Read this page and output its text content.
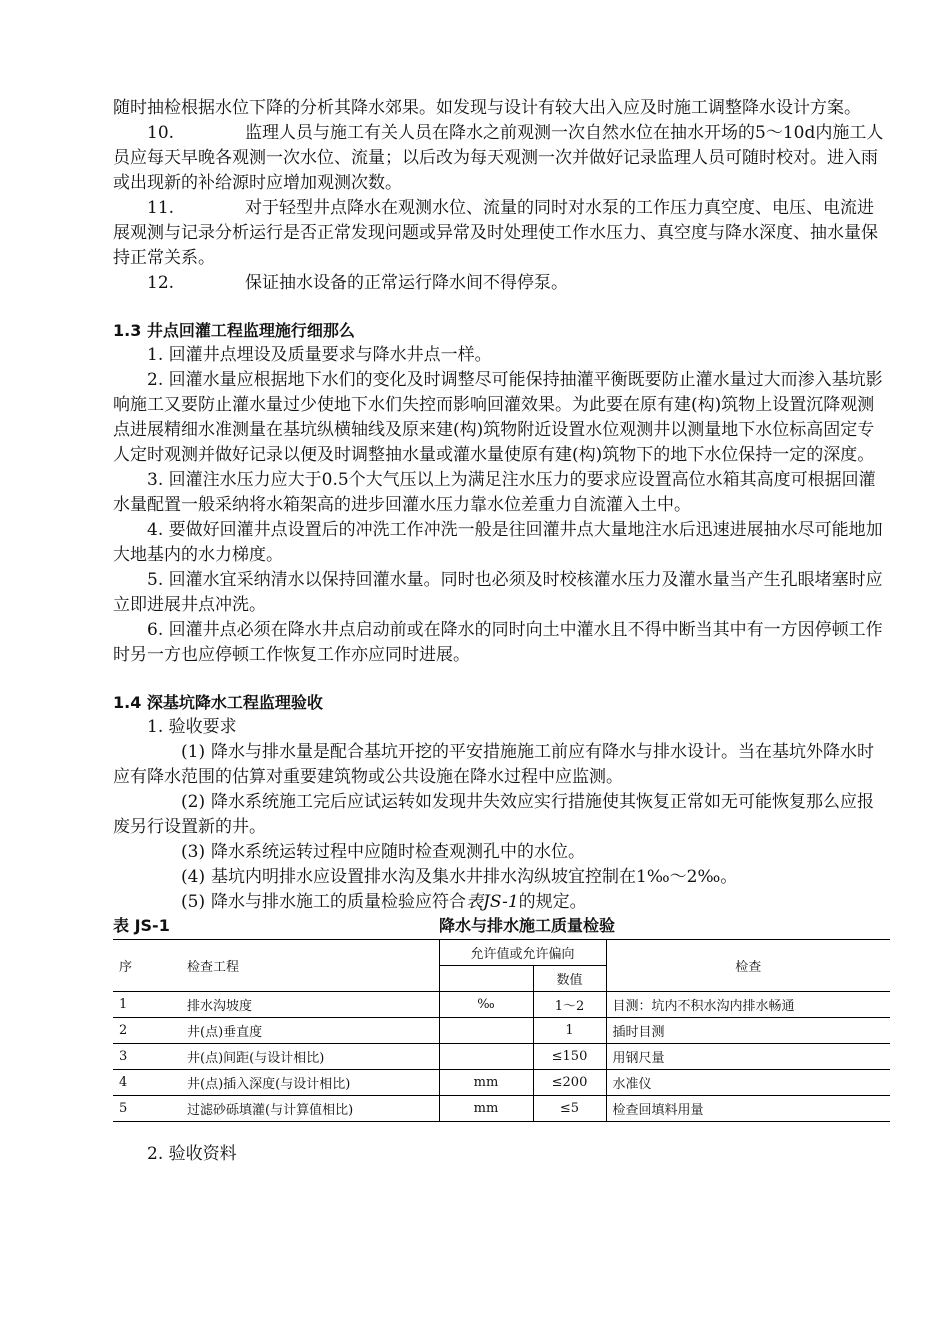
随时抽检根据水位下降的分析其降水郊果。如发现与设计有较大出入应及时施工调整降水设计方案。

10.	监理人员与施工有关人员在降水之前观测一次自然水位在抽水开场的5～10d内施工人员应每天早晚各观测一次水位、流量；以后改为每天观测一次并做好记录监理人员可随时校对。进入雨或出现新的补给源时应增加观测次数。

11.	对于轻型井点降水在观测水位、流量的同时对水泵的工作压力真空度、电压、电流进展观测与记录分析运行是否正常发现问题或异常及时处理使工作水压力、真空度与降水深度、抽水量保持正常关系。

12.	保证抽水设备的正常运行降水间不得停泵。

1.3 井点回灌工程监理施行细那么

1. 回灌井点埋设及质量要求与降水井点一样。

2. 回灌水量应根据地下水们的变化及时调整尽可能保持抽灌平衡既要防止灌水量过大而渗入基坑影响施工又要防止灌水量过少使地下水们失控而影响回灌效果。为此要在原有建(构)筑物上设置沉降观测点进展精细水准测量在基坑纵横轴线及原来建(构)筑物附近设置水位观测井以测量地下水位标高固定专人定时观测并做好记录以便及时调整抽水量或灌水量使原有建(构)筑物下的地下水位保持一定的深度。

3. 回灌注水压力应大于0.5个大气压以上为满足注水压力的要求应设置高位水箱其高度可根据回灌水量配置一般采纳将水箱架高的进步回灌水压力靠水位差重力自流灌入土中。

4. 要做好回灌井点设置后的冲洗工作冲洗一般是往回灌井点大量地注水后迅速进展抽水尽可能地加大地基内的水力梯度。

5. 回灌水宜采纳清水以保持回灌水量。同时也必须及时校核灌水压力及灌水量当产生孔眼堵塞时应立即进展井点冲洗。

6. 回灌井点必须在降水井点启动前或在降水的同时向土中灌水且不得中断当其中有一方因停顿工作时另一方也应停顿工作恢复工作亦应同时进展。

1.4 深基坑降水工程监理验收

1. 验收要求

(1) 降水与排水量是配合基坑开挖的平安措施施工前应有降水与排水设计。当在基坑外降水时应有降水范围的估算对重要建筑物或公共设施在降水过程中应监测。

(2) 降水系统施工完后应试运转如发现井失效应实行措施使其恢复正常如无可能恢复那么应报废另行设置新的井。

(3) 降水系统运转过程中应随时检查观测孔中的水位。

(4) 基坑内明排水应设置排水沟及集水井排水沟纵坡宜控制在1‰～2‰。

(5) 降水与排水施工的质量检验应符合表JS-1的规定。

表 JS-1	降水与排水施工质量检验
序	检查工程	允许值或允许偏向		检查
			数值	
1	排水沟坡度	‰	1～2	目测：坑内不积水沟内排水畅通
2	井(点)垂直度		1	插时目测
3	井(点)间距(与设计相比)		≤150	用钢尺量
4	井(点)插入深度(与设计相比)	mm	≤200	水准仪
5	过滤砂砾填灌(与计算值相比)	mm	≤5	检查回填料用量

2. 验收资料
